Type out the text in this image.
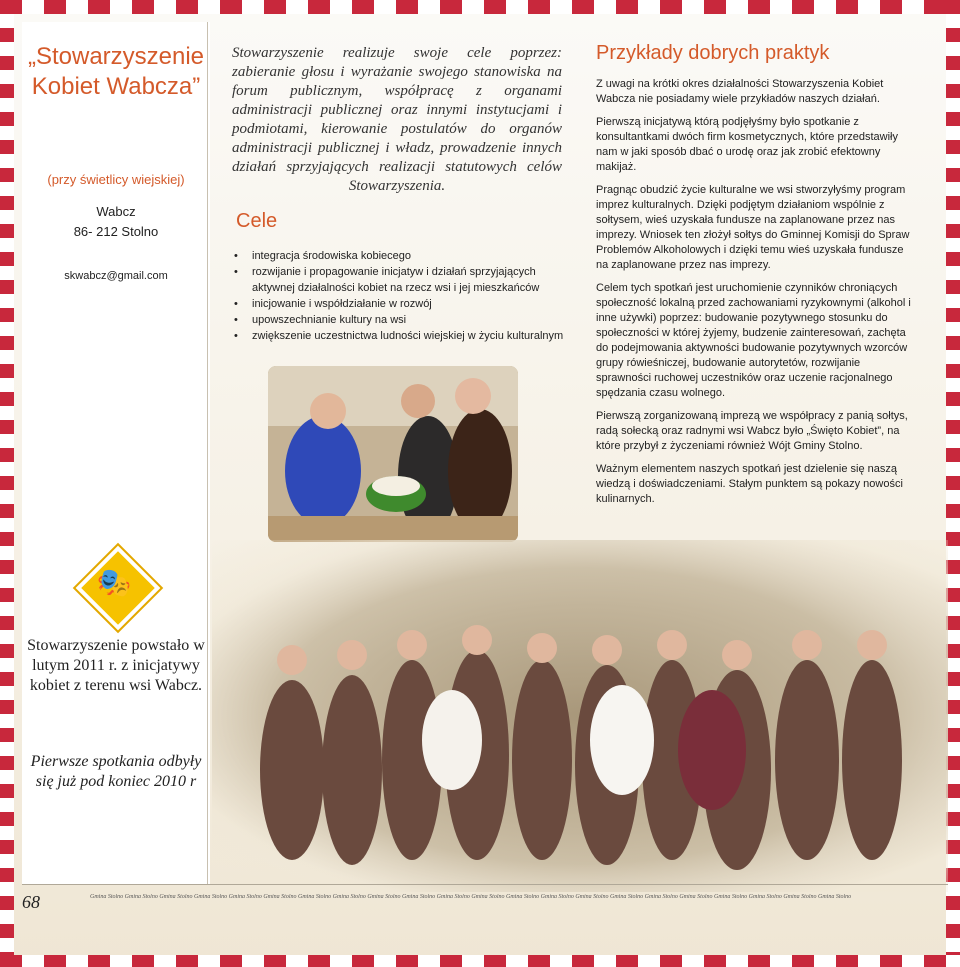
„Stowarzyszenie Kobiet Wabcza”
(przy świetlicy wiejskiej)
Wabcz
86- 212 Stolno
skwabcz@gmail.com
Stowarzyszenie realizuje swoje cele poprzez: zabieranie głosu i wyrażanie swojego stanowiska na forum publicznym, współpracę z organami administracji publicznej oraz innymi instytucjami i podmiotami, kierowanie postulatów do organów administracji publicznej i władz, prowadzenie innych działań sprzyjających realizacji statutowych celów Stowarzyszenia.
Cele
• integracja środowiska kobiecego
• rozwijanie i propagowanie inicjatyw i działań sprzyjających aktywnej działalności kobiet na rzecz wsi i jej mieszkańców
• inicjowanie i współdziałanie w rozwój
• upowszechnianie kultury na wsi
• zwiększenie uczestnictwa ludności wiejskiej w życiu kulturalnym
Przykłady dobrych praktyk

Z uwagi na krótki okres działalności Stowarzyszenia Kobiet Wabcza nie posiadamy wiele przykładów naszych działań.

Pierwszą inicjatywą którą podjęłyśmy było spotkanie z konsultantkami dwóch firm kosmetycznych, które przedstawiły nam w jaki sposób dbać o urodę oraz jak zrobić efektowny makijaż.

Pragnąc obudzić życie kulturalne we wsi stworzyłyśmy program imprez kulturalnych. Dzięki podjętym działaniom wspólnie z sołtysem, wieś uzyskała fundusze na zaplanowane przez nas imprezy. Wniosek ten złożył sołtys do Gminnej Komisji do Spraw Problemów Alkoholowych i dzięki temu wieś uzyskała fundusze na zaplanowane przez nas imprezy.

Celem tych spotkań jest uruchomienie czynników chroniących społeczność lokalną przed zachowaniami ryzykownymi (alkohol i inne używki) poprzez: budowanie pozytywnego stosunku do społeczności w której żyjemy, budzenie zainteresowań, zachęta do podejmowania aktywności budowanie pozytywnych wzorców grupy rówieśniczej, budowanie autorytetów, rozwijanie sprawności ruchowej uczestników oraz uczenie racjonalnego spędzania czasu wolnego.

Pierwszą zorganizowaną imprezą we współpracy z panią sołtys, radą sołecką oraz radnymi wsi Wabcz było „Święto Kobiet”, na które przybył z życzeniami również Wójt Gminy Stolno.

Ważnym elementem naszych spotkań jest dzielenie się naszą wiedzą i doświadczeniami. Stałym punktem są pokazy nowości kulinarnych.

🎭
Stowarzyszenie powstało w lutym 2011 r. z inicjatywy kobiet z terenu wsi Wabcz.
Pierwsze spotkania odbyły się już pod koniec 2010 r
68	Gmina Stolno Gmina Stolno Gmina Stolno Gmina Stolno Gmina Stolno Gmina Stolno Gmina Stolno Gmina Stolno Gmina Stolno Gmina Stolno Gmina Stolno Gmina Stolno Gmina Stolno Gmina Stolno Gmina Stolno Gmina Stolno Gmina Stolno Gmina Stolno Gmina Stolno Gmina Stolno Gmina Stolno Gmina Stolno
